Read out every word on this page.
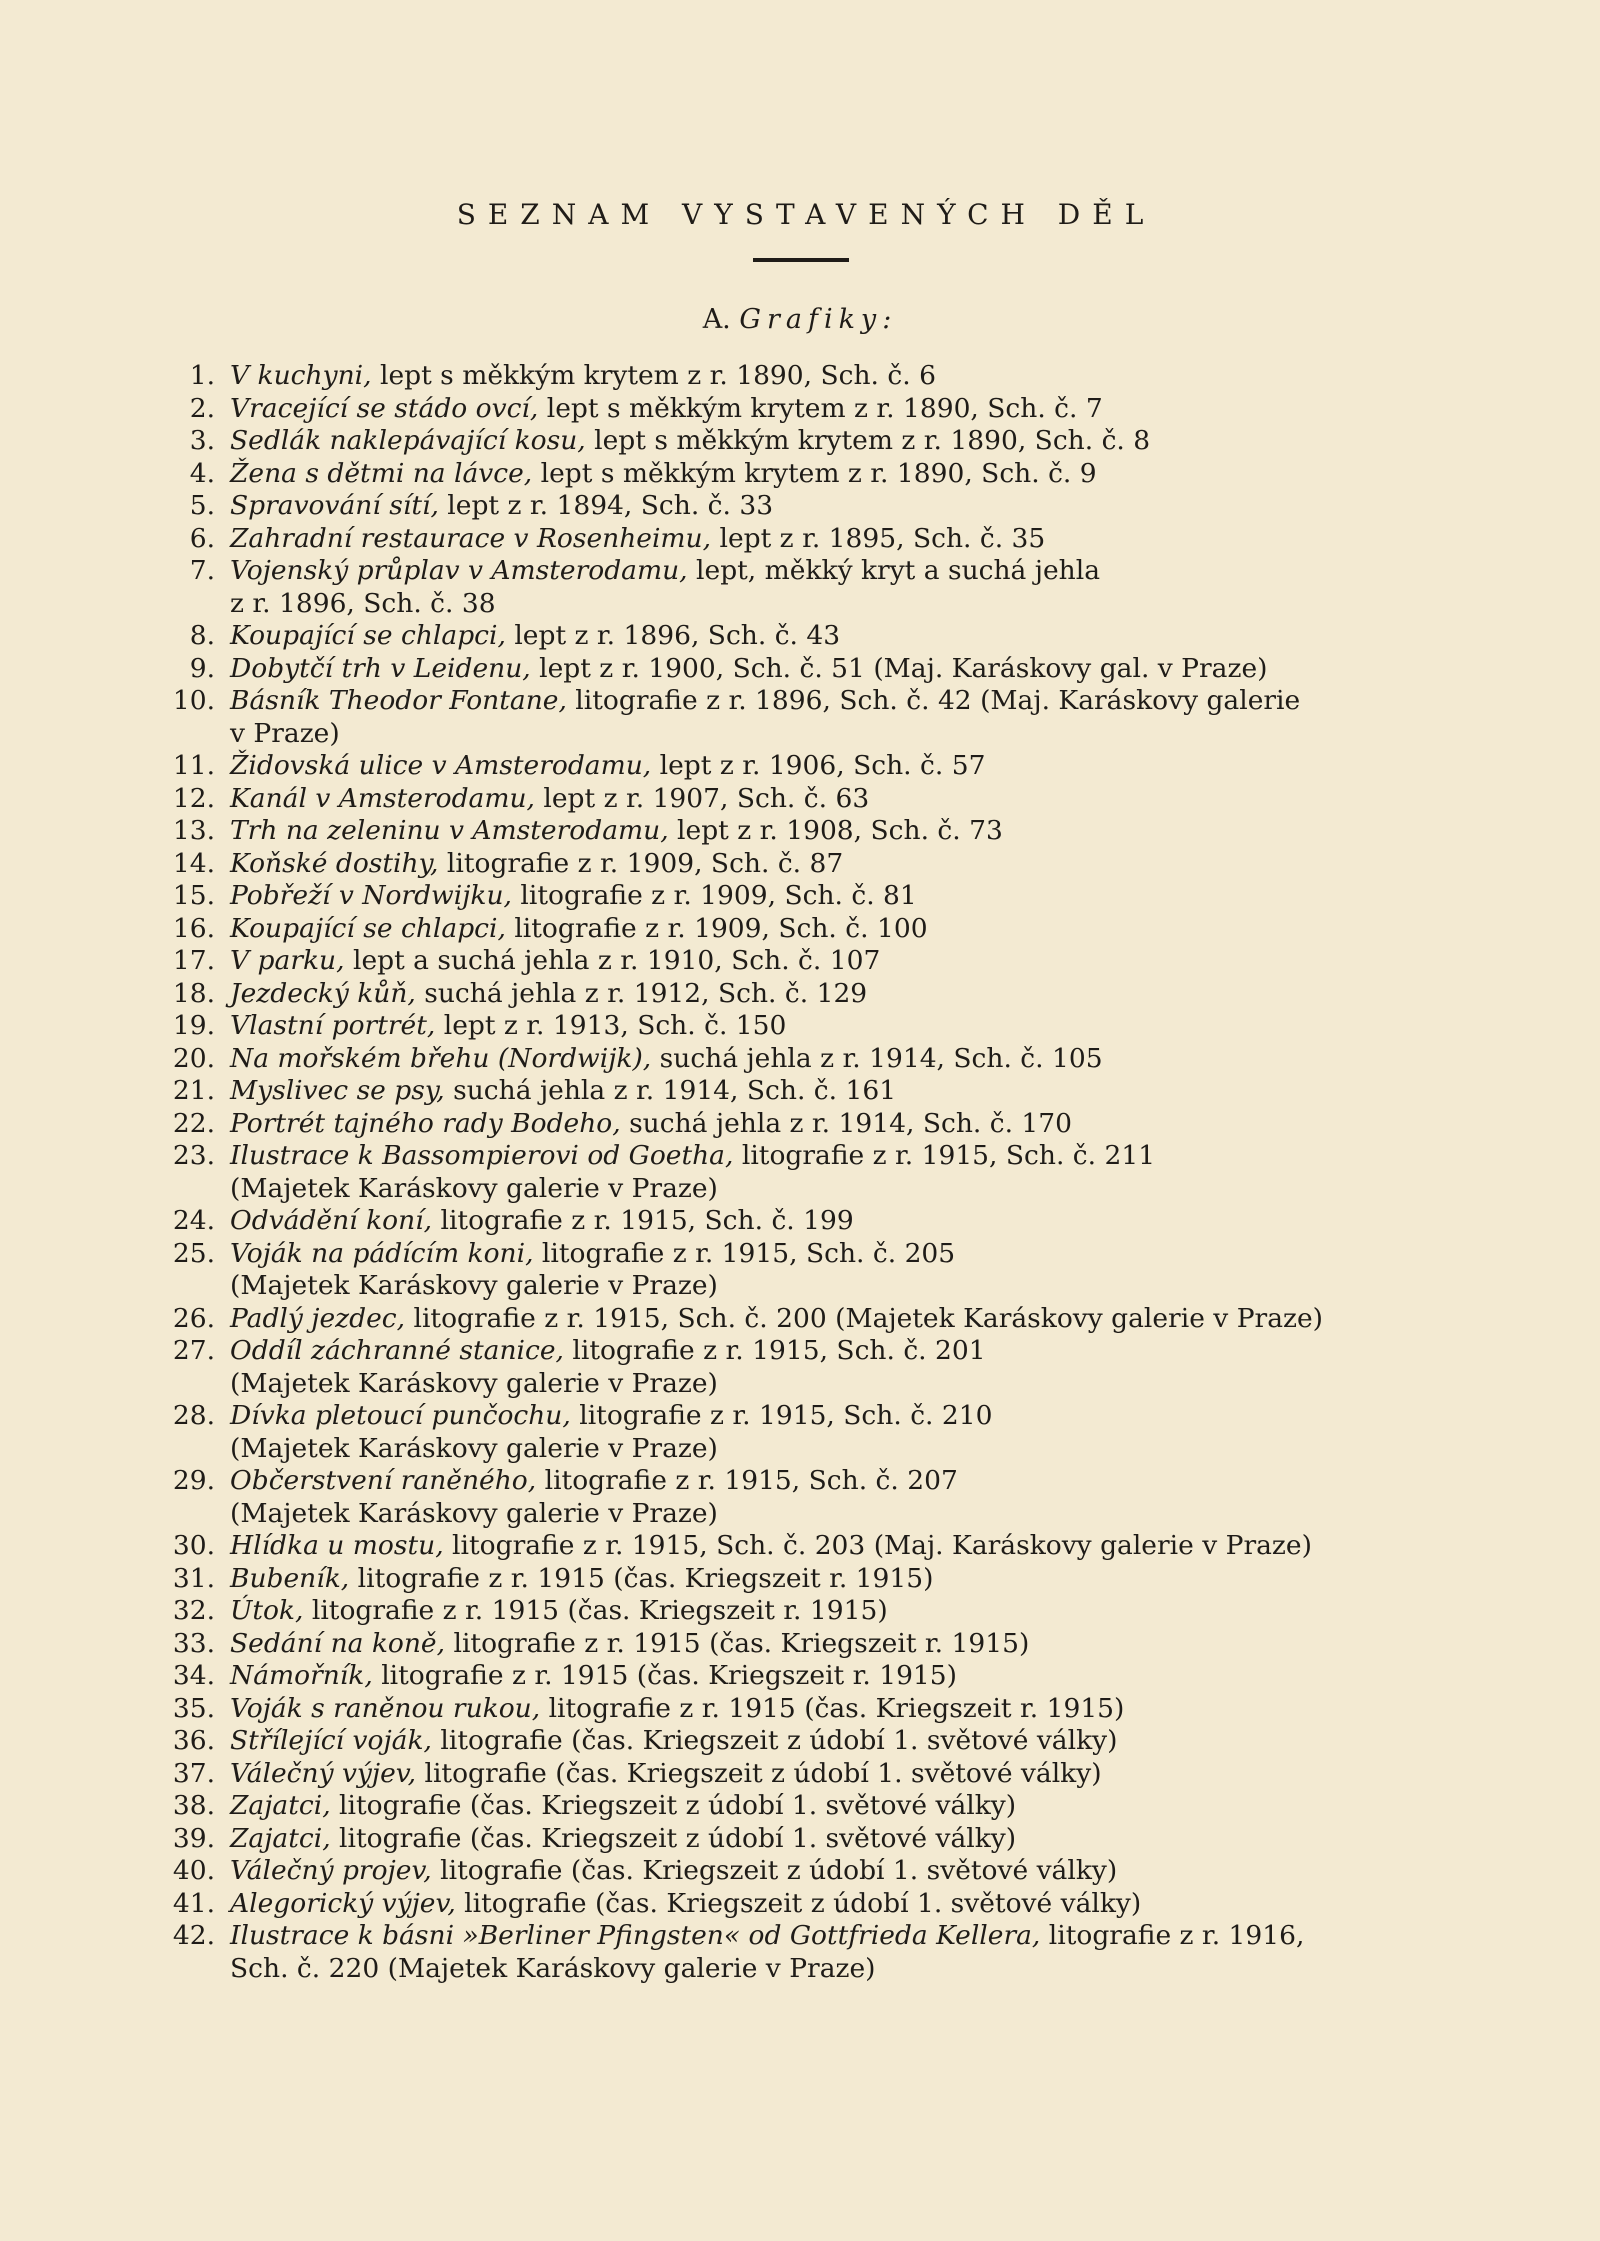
SEZNAM VYSTAVENÝCH DĚL
A. Grafiky:
1. V kuchyni, lept s měkkým krytem z r. 1890, Sch. č. 6
2. Vracející se stádo ovcí, lept s měkkým krytem z r. 1890, Sch. č. 7
3. Sedlák naklepávající kosu, lept s měkkým krytem z r. 1890, Sch. č. 8
4. Žena s dětmi na lávce, lept s měkkým krytem z r. 1890, Sch. č. 9
5. Spravování sítí, lept z r. 1894, Sch. č. 33
6. Zahradní restaurace v Rosenheimu, lept z r. 1895, Sch. č. 35
7. Vojenský průplav v Amsterodamu, lept, měkký kryt a suchá jehla
z r. 1896, Sch. č. 38
8. Koupající se chlapci, lept z r. 1896, Sch. č. 43
9. Dobytčí trh v Leidenu, lept z r. 1900, Sch. č. 51 (Maj. Karáskovy gal. v Praze)
10. Básník Theodor Fontane, litografie z r. 1896, Sch. č. 42 (Maj. Karáskovy galerie
v Praze)
11. Židovská ulice v Amsterodamu, lept z r. 1906, Sch. č. 57
12. Kanál v Amsterodamu, lept z r. 1907, Sch. č. 63
13. Trh na zeleninu v Amsterodamu, lept z r. 1908, Sch. č. 73
14. Koňské dostihy, litografie z r. 1909, Sch. č. 87
15. Pobřeží v Nordwijku, litografie z r. 1909, Sch. č. 81
16. Koupající se chlapci, litografie z r. 1909, Sch. č. 100
17. V parku, lept a suchá jehla z r. 1910, Sch. č. 107
18. Jezdecký kůň, suchá jehla z r. 1912, Sch. č. 129
19. Vlastní portrét, lept z r. 1913, Sch. č. 150
20. Na mořském břehu (Nordwijk), suchá jehla z r. 1914, Sch. č. 105
21. Myslivec se psy, suchá jehla z r. 1914, Sch. č. 161
22. Portrét tajného rady Bodeho, suchá jehla z r. 1914, Sch. č. 170
23. Ilustrace k Bassompierovi od Goetha, litografie z r. 1915, Sch. č. 211
(Majetek Karáskovy galerie v Praze)
24. Odvádění koní, litografie z r. 1915, Sch. č. 199
25. Voják na pádícím koni, litografie z r. 1915, Sch. č. 205
(Majetek Karáskovy galerie v Praze)
26. Padlý jezdec, litografie z r. 1915, Sch. č. 200 (Majetek Karáskovy galerie v Praze)
27. Oddíl záchranné stanice, litografie z r. 1915, Sch. č. 201
(Majetek Karáskovy galerie v Praze)
28. Dívka pletoucí punčochu, litografie z r. 1915, Sch. č. 210
(Majetek Karáskovy galerie v Praze)
29. Občerstvení raněného, litografie z r. 1915, Sch. č. 207
(Majetek Karáskovy galerie v Praze)
30. Hlídka u mostu, litografie z r. 1915, Sch. č. 203 (Maj. Karáskovy galerie v Praze)
31. Bubeník, litografie z r. 1915 (čas. Kriegszeit r. 1915)
32. Útok, litografie z r. 1915 (čas. Kriegszeit r. 1915)
33. Sedání na koně, litografie z r. 1915 (čas. Kriegszeit r. 1915)
34. Námořník, litografie z r. 1915 (čas. Kriegszeit r. 1915)
35. Voják s raněnou rukou, litografie z r. 1915 (čas. Kriegszeit r. 1915)
36. Střílející voják, litografie (čas. Kriegszeit z údobí 1. světové války)
37. Válečný výjev, litografie (čas. Kriegszeit z údobí 1. světové války)
38. Zajatci, litografie (čas. Kriegszeit z údobí 1. světové války)
39. Zajatci, litografie (čas. Kriegszeit z údobí 1. světové války)
40. Válečný projev, litografie (čas. Kriegszeit z údobí 1. světové války)
41. Alegorický výjev, litografie (čas. Kriegszeit z údobí 1. světové války)
42. Ilustrace k básni »Berliner Pfingsten« od Gottfrieda Kellera, litografie z r. 1916,
Sch. č. 220 (Majetek Karáskovy galerie v Praze)
